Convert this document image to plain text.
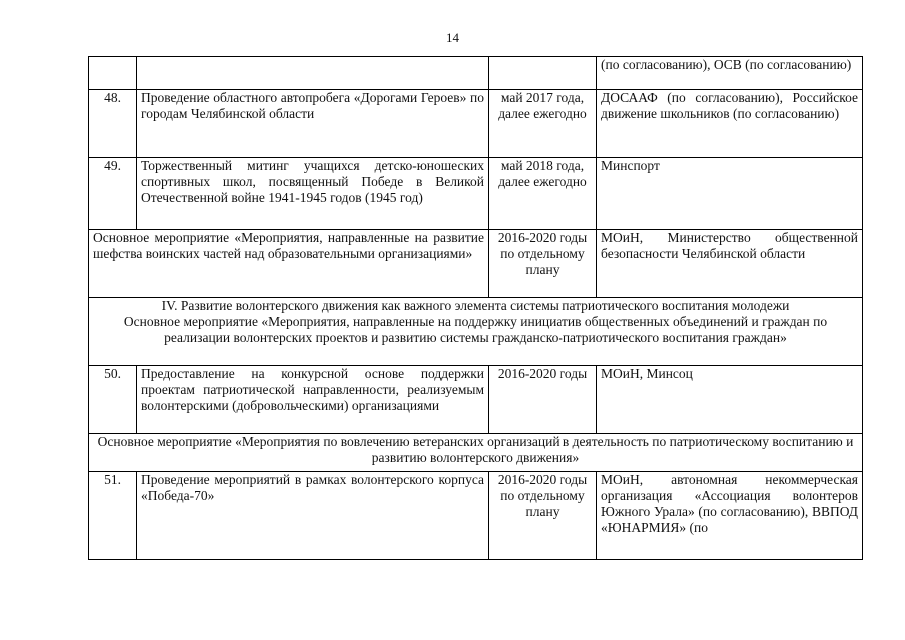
14
			(по согласованию), ОСВ (по согласованию)
48.	Проведение областного автопробега «Дорогами Героев» по городам Челябинской области	май 2017 года, далее ежегодно	ДОСААФ (по согласованию), Российское движение школьников (по согласованию)
49.	Торжественный митинг учащихся детско-юношеских спортивных школ, посвященный Победе в Великой Отечественной войне 1941-1945 годов (1945 год)	май 2018 года, далее ежегодно	Минспорт
Основное мероприятие «Мероприятия, направленные на развитие шефства воинских частей над образовательными организациями»		2016-2020 годы по отдельному плану	МОиН, Министерство общественной безопасности Челябинской области

IV. Развитие волонтерского движения как важного элемента системы патриотического воспитания молодежи
Основное мероприятие «Мероприятия, направленные на поддержку инициатив общественных объединений и граждан по реализации волонтерских проектов и развитию системы гражданско-патриотического воспитания граждан»			

50.	Предоставление на конкурсной основе поддержки проектам патриотической направленности, реализуемым волонтерскими (добровольческими) организациями	2016-2020 годы	МОиН, Минсоц
Основное мероприятие «Мероприятия по вовлечению ветеранских организаций в деятельность по патриотическому воспитанию и развитию волонтерского движения»			
51.	Проведение мероприятий в рамках волонтерского корпуса «Победа-70»	2016-2020 годы по отдельному плану	МОиН, автономная некоммерческая организация «Ассоциация волонтеров Южного Урала» (по согласованию), ВВПОД «ЮНАРМИЯ» (по
